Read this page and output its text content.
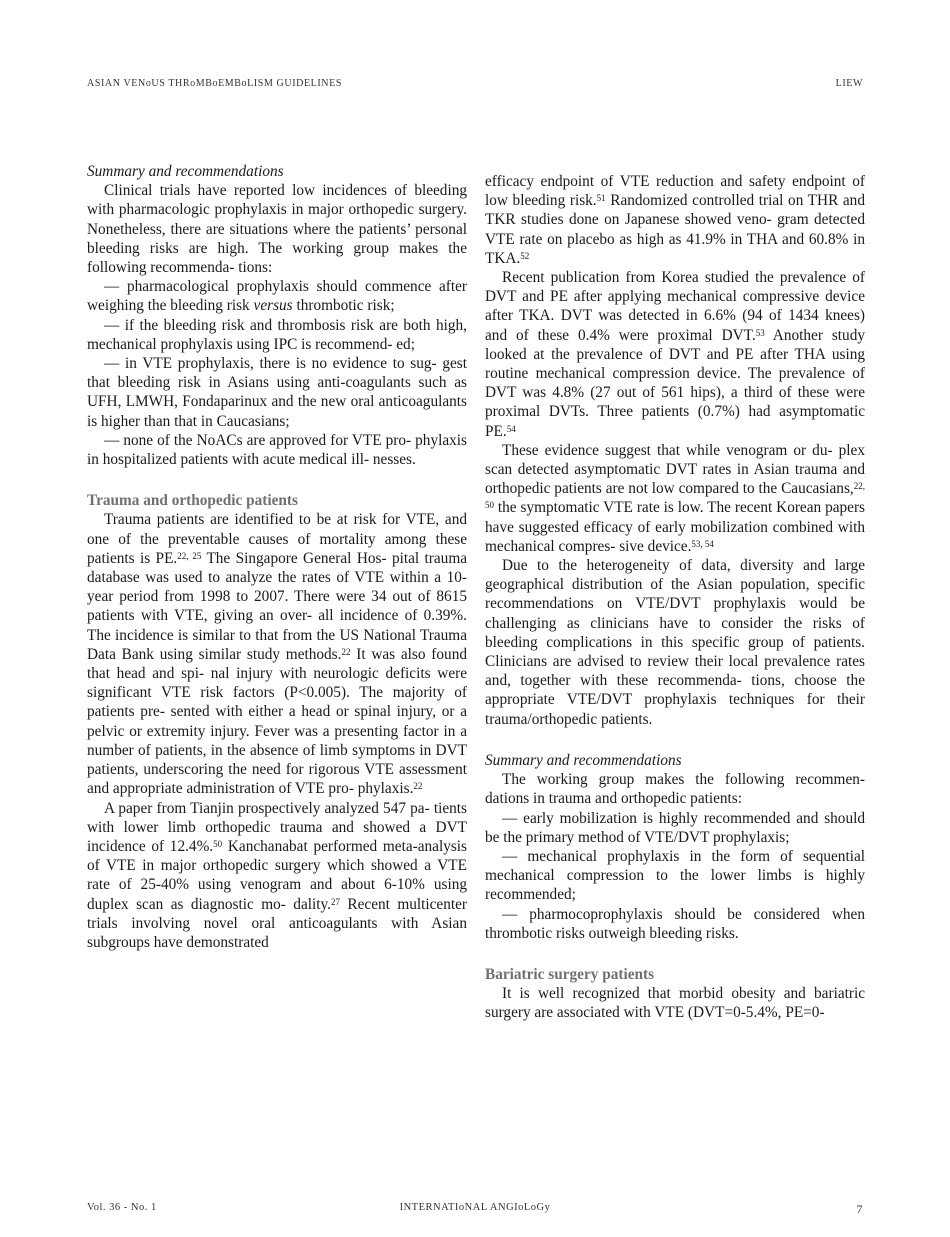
ASIAN VENoUS THRoMBoEMBoLISM GUIDELINES	LIEW

Summary and recommendations

Clinical trials have reported low incidences of bleeding with pharmacologic prophylaxis in major orthopedic surgery. Nonetheless, there are situations where the patients’ personal bleeding risks are high. The working group makes the following recommenda- tions:

— pharmacological prophylaxis should commence after weighing the bleeding risk versus thrombotic risk;

— if the bleeding risk and thrombosis risk are both high, mechanical prophylaxis using IPC is recommend- ed;

— in VTE prophylaxis, there is no evidence to sug- gest that bleeding risk in Asians using anti-coagulants such as UFH, LMWH, Fondaparinux and the new oral anticoagulants is higher than that in Caucasians;

— none of the NoACs are approved for VTE pro- phylaxis in hospitalized patients with acute medical ill- nesses.

Trauma and orthopedic patients

Trauma patients are identified to be at risk for VTE, and one of the preventable causes of mortality among these patients is PE.$^{22, 25}$ The Singapore General Hos- pital trauma database was used to analyze the rates of VTE within a 10-year period from 1998 to 2007. There were 34 out of 8615 patients with VTE, giving an over- all incidence of 0.39%. The incidence is similar to that from the US National Trauma Data Bank using similar study methods.$^{22}$ It was also found that head and spi- nal injury with neurologic deficits were significant VTE risk factors (P<0.005). The majority of patients pre- sented with either a head or spinal injury, or a pelvic or extremity injury. Fever was a presenting factor in a number of patients, in the absence of limb symptoms in DVT patients, underscoring the need for rigorous VTE assessment and appropriate administration of VTE pro- phylaxis.$^{22}$

A paper from Tianjin prospectively analyzed 547 pa- tients with lower limb orthopedic trauma and showed a DVT incidence of 12.4%.$^{50}$ Kanchanabat performed meta-analysis of VTE in major orthopedic surgery which showed a VTE rate of 25-40% using venogram and about 6-10% using duplex scan as diagnostic mo- dality.$^{27}$ Recent multicenter trials involving novel oral anticoagulants with Asian subgroups have demonstrated

efficacy endpoint of VTE reduction and safety endpoint of low bleeding risk.$^{51}$ Randomized controlled trial on THR and TKR studies done on Japanese showed veno- gram detected VTE rate on placebo as high as 41.9% in THA and 60.8% in TKA.$^{52}$

Recent publication from Korea studied the prevalence of DVT and PE after applying mechanical compressive device after TKA. DVT was detected in 6.6% (94 of 1434 knees) and of these 0.4% were proximal DVT.$^{53}$ Another study looked at the prevalence of DVT and PE after THA using routine mechanical compression device. The prevalence of DVT was 4.8% (27 out of 561 hips), a third of these were proximal DVTs. Three patients (0.7%) had asymptomatic PE.$^{54}$

These evidence suggest that while venogram or du- plex scan detected asymptomatic DVT rates in Asian trauma and orthopedic patients are not low compared to the Caucasians,$^{22, 50}$ the symptomatic VTE rate is low. The recent Korean papers have suggested efficacy of early mobilization combined with mechanical compres- sive device.$^{53, 54}$

Due to the heterogeneity of data, diversity and large geographical distribution of the Asian population, specific recommendations on VTE/DVT prophylaxis would be challenging as clinicians have to consider the risks of bleeding complications in this specific group of patients. Clinicians are advised to review their local prevalence rates and, together with these recommenda- tions, choose the appropriate VTE/DVT prophylaxis techniques for their trauma/orthopedic patients.

Summary and recommendations

The working group makes the following recommen- dations in trauma and orthopedic patients:

— early mobilization is highly recommended and should be the primary method of VTE/DVT prophylaxis;

— mechanical prophylaxis in the form of sequential mechanical compression to the lower limbs is highly recommended;

— pharmocoprophylaxis should be considered when thrombotic risks outweigh bleeding risks.

Bariatric surgery patients

It is well recognized that morbid obesity and bariatric surgery are associated with VTE (DVT=0-5.4%, PE=0-

Vol. 36 - No. 1	INTERNATIoNAL ANGIoLoGy	7
